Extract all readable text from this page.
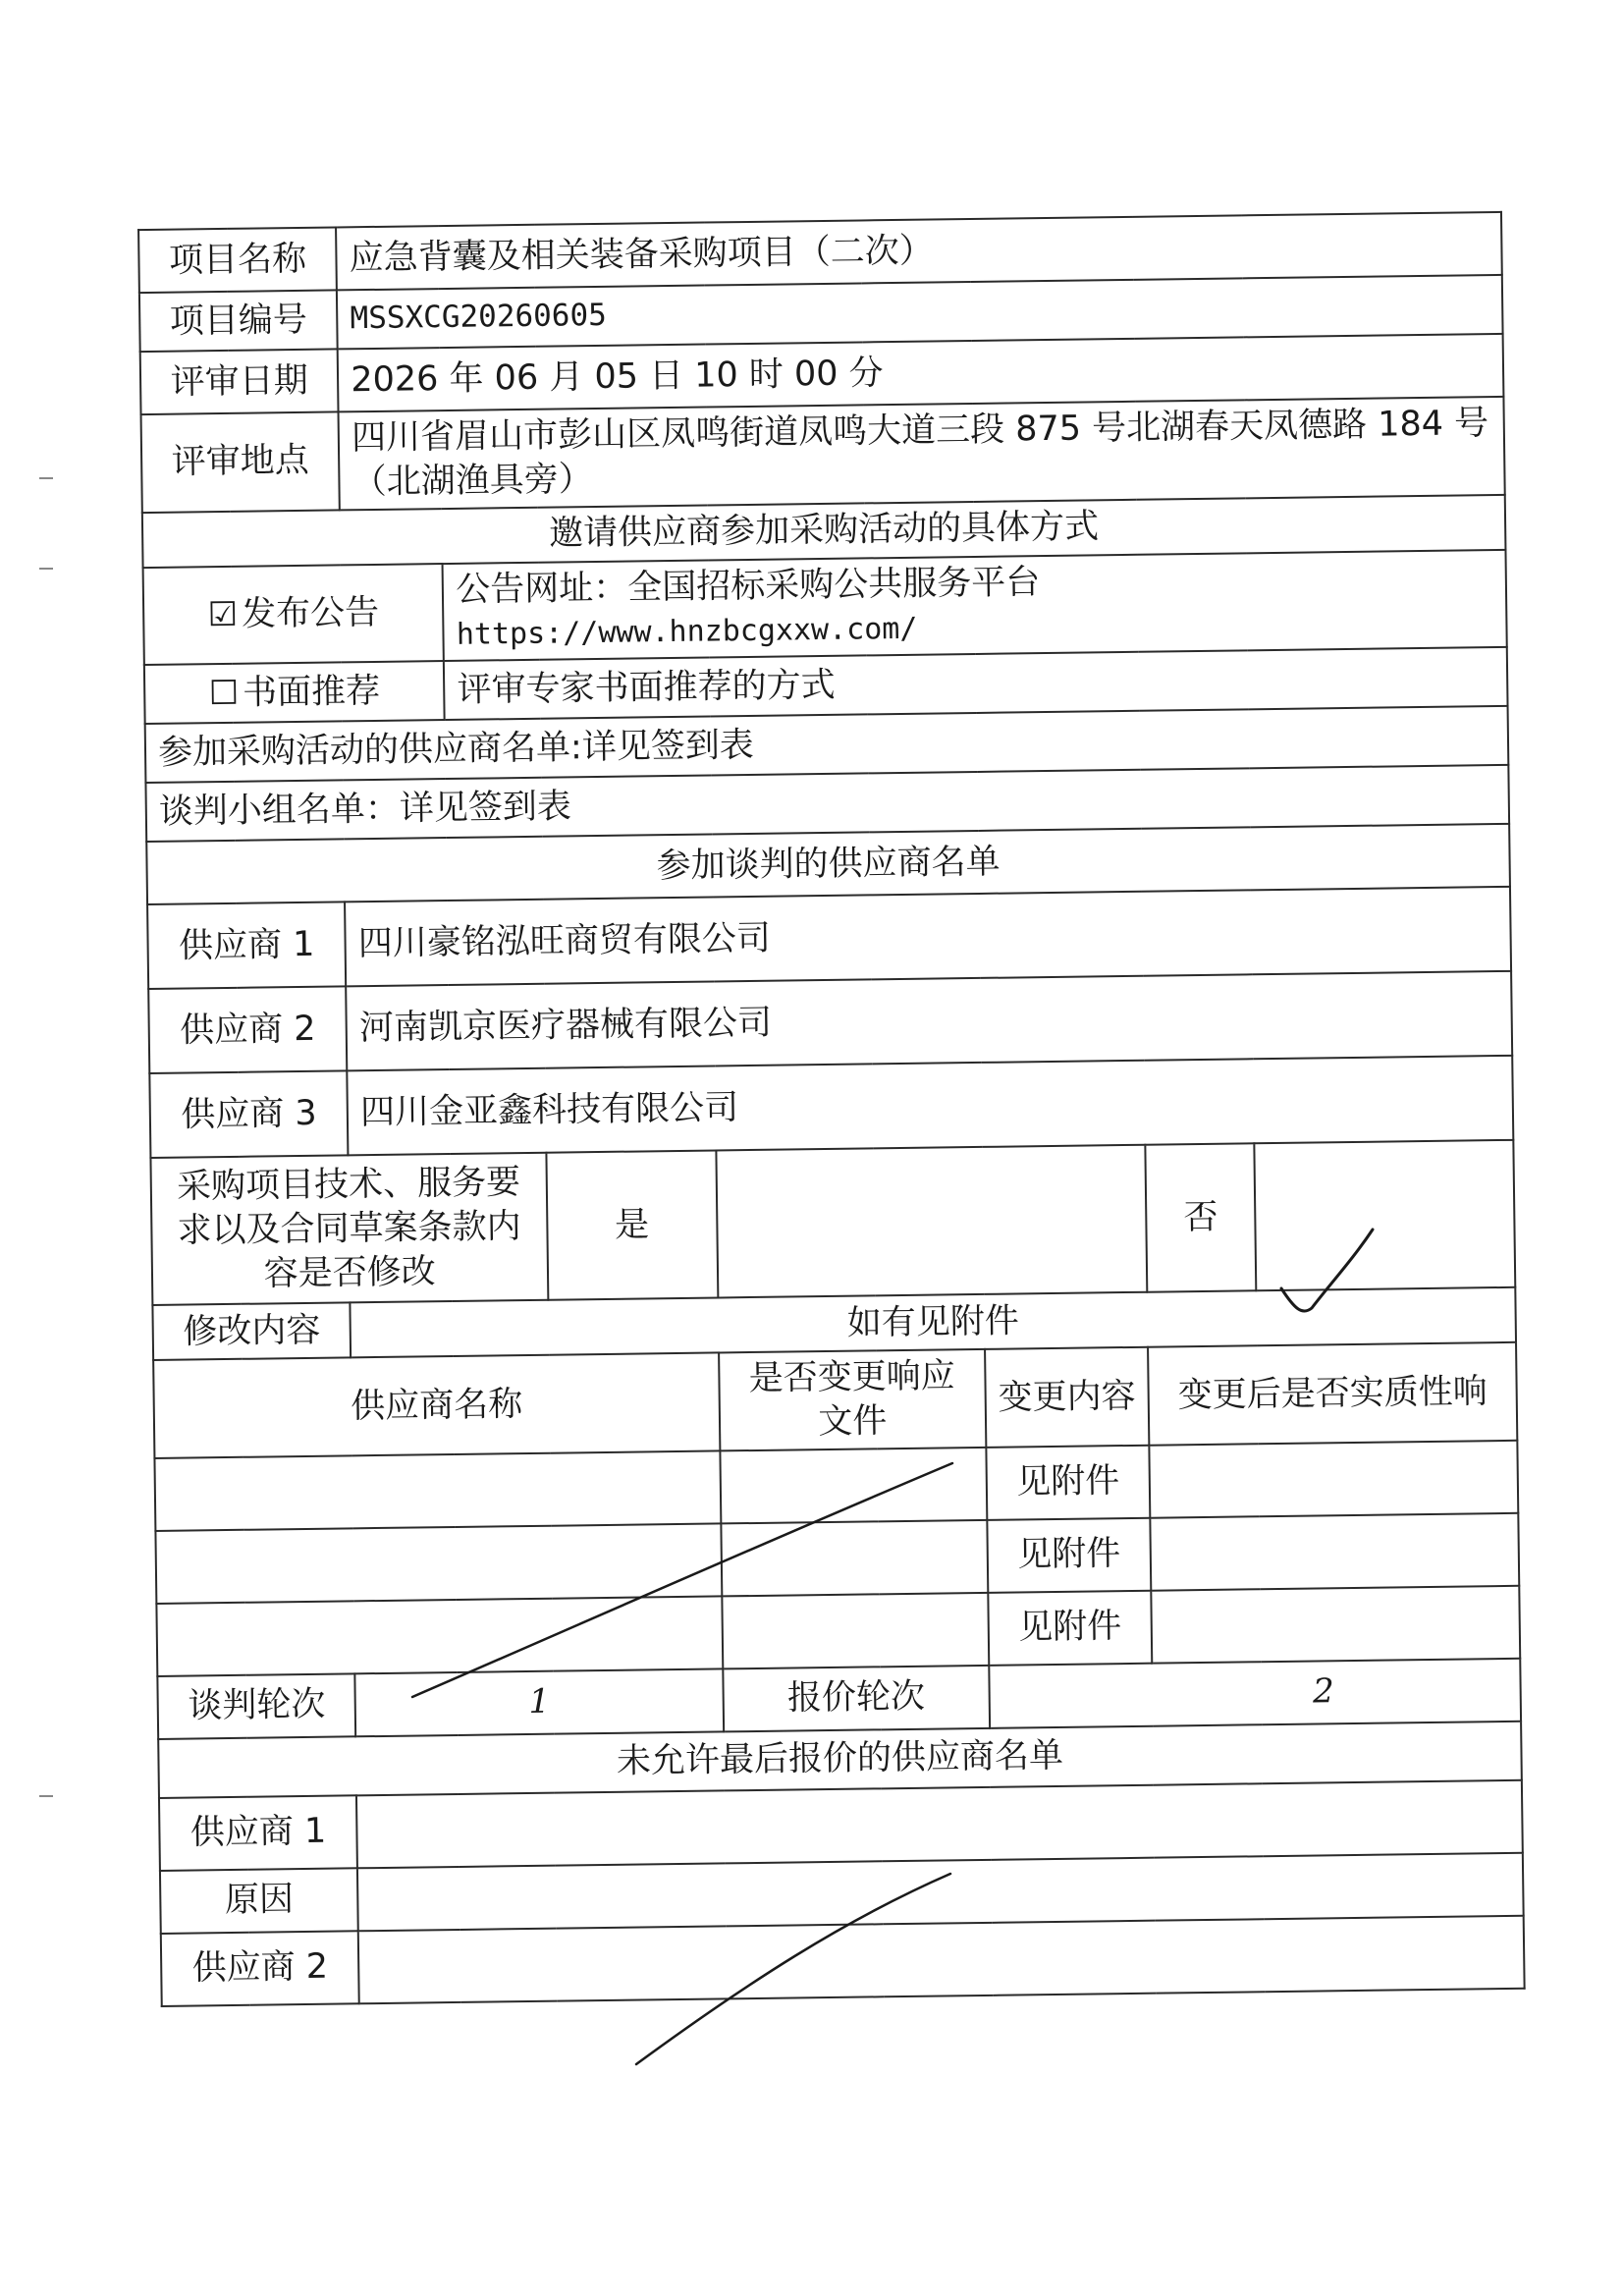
项目名称	应急背囊及相关装备采购项目（二次）						
项目编号	MSSXCG20260605						
评审日期	2026 年 06 月 05 日 10 时 00 分						
评审地点	四川省眉山市彭山区凤鸣街道凤鸣大道三段 875 号北湖春天凤德路 184 号（北湖渔具旁）						
邀请供应商参加采购活动的具体方式							
☑发布公告		公告网址：全国招标采购公共服务平台
https://www.hnzbcgxxw.com/					
☐书面推荐		评审专家书面推荐的方式					
参加采购活动的供应商名单:详见签到表							
谈判小组名单：详见签到表							
参加谈判的供应商名单							
供应商 1	四川豪铭泓旺商贸有限公司						
供应商 2	河南凯京医疗器械有限公司						
供应商 3	四川金亚鑫科技有限公司						
采购项目技术、服务要求以及合同草案条款内容是否修改			是			否	
修改内容	如有见附件						
供应商名称				是否变更响应文件	变更内容	变更后是否实质性响	
					见附件		
					见附件		
					见附件		
谈判轮次	1			报价轮次	2		
未允许最后报价的供应商名单							
供应商 1							
原因							
供应商 2							
